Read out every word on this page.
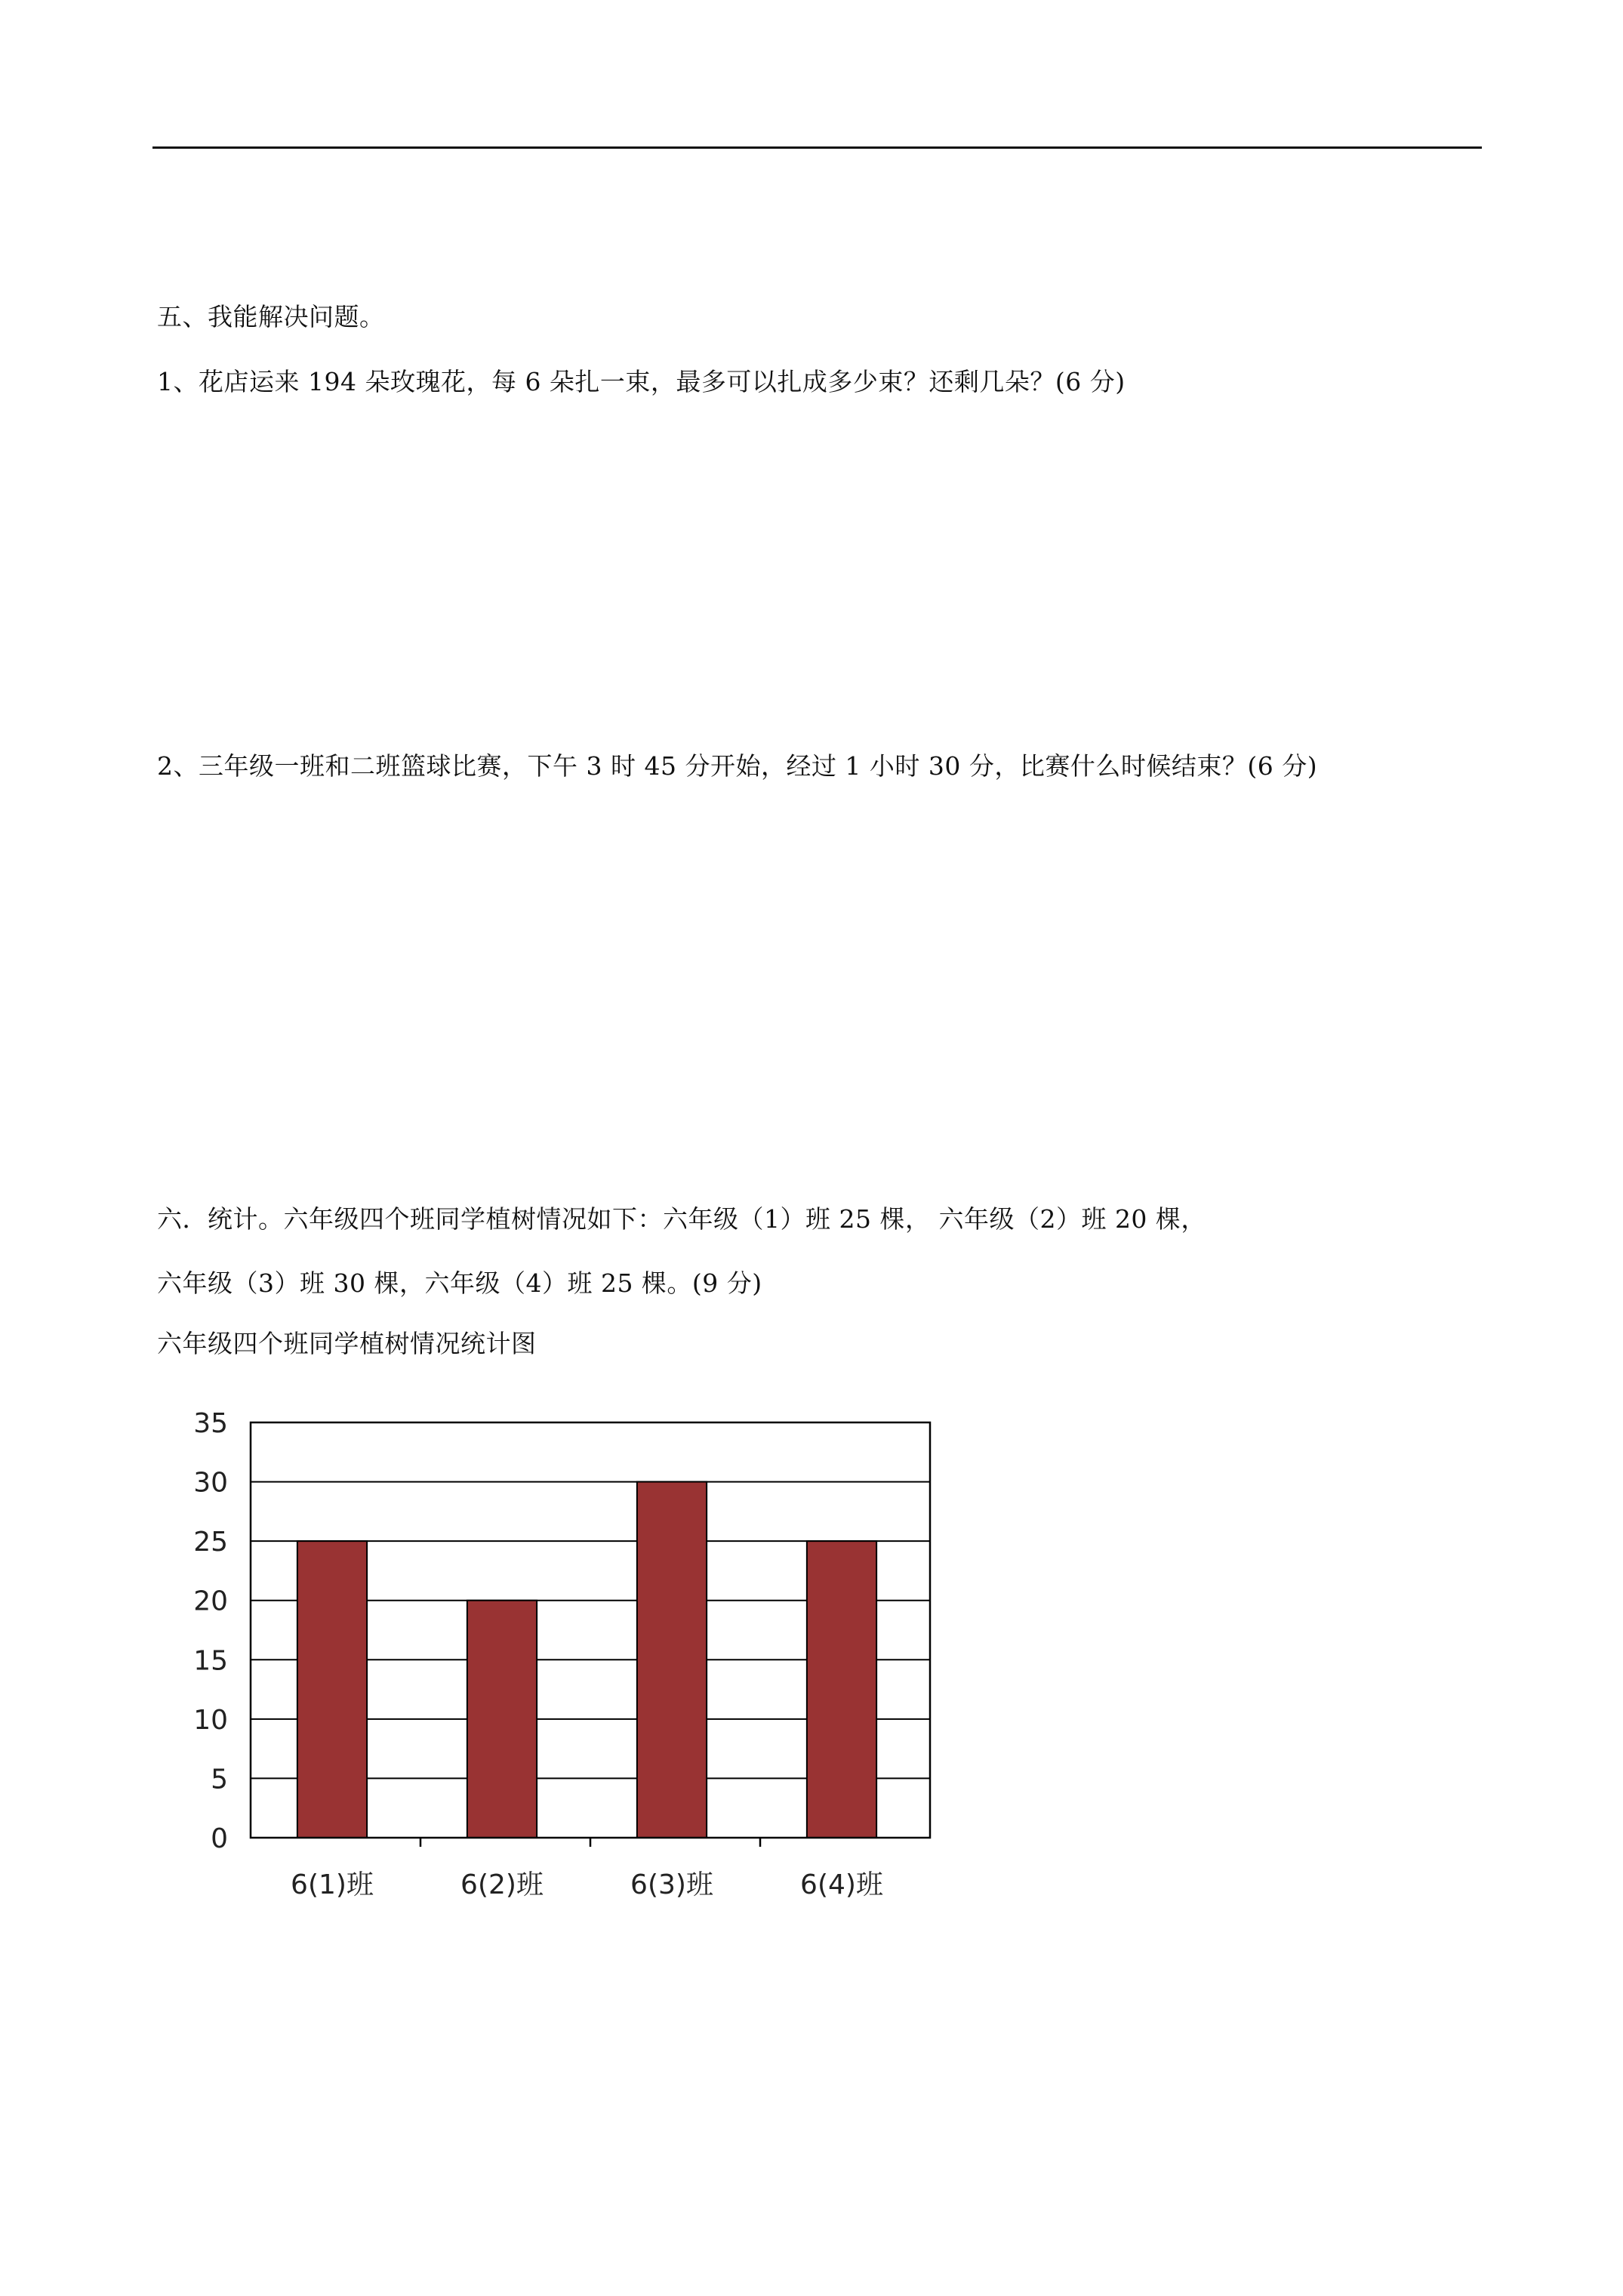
五、我能解决问题。
1、花店运来 194 朵玫瑰花，每 6 朵扎一束，最多可以扎成多少束？还剩几朵？(6 分)
2、三年级一班和二班篮球比赛，下午 3 时 45 分开始，经过 1 小时 30 分，比赛什么时候结束？(6 分)
六．统计。六年级四个班同学植树情况如下：六年级（1）班 25 棵， 六年级（2）班 20 棵，
六年级（3）班 30 棵，六年级（4）班 25 棵。(9 分)
六年级四个班同学植树情况统计图
0
5
10
15
20
25
30
35
6(1)班	6(2)班	6(3)班	6(4)班
